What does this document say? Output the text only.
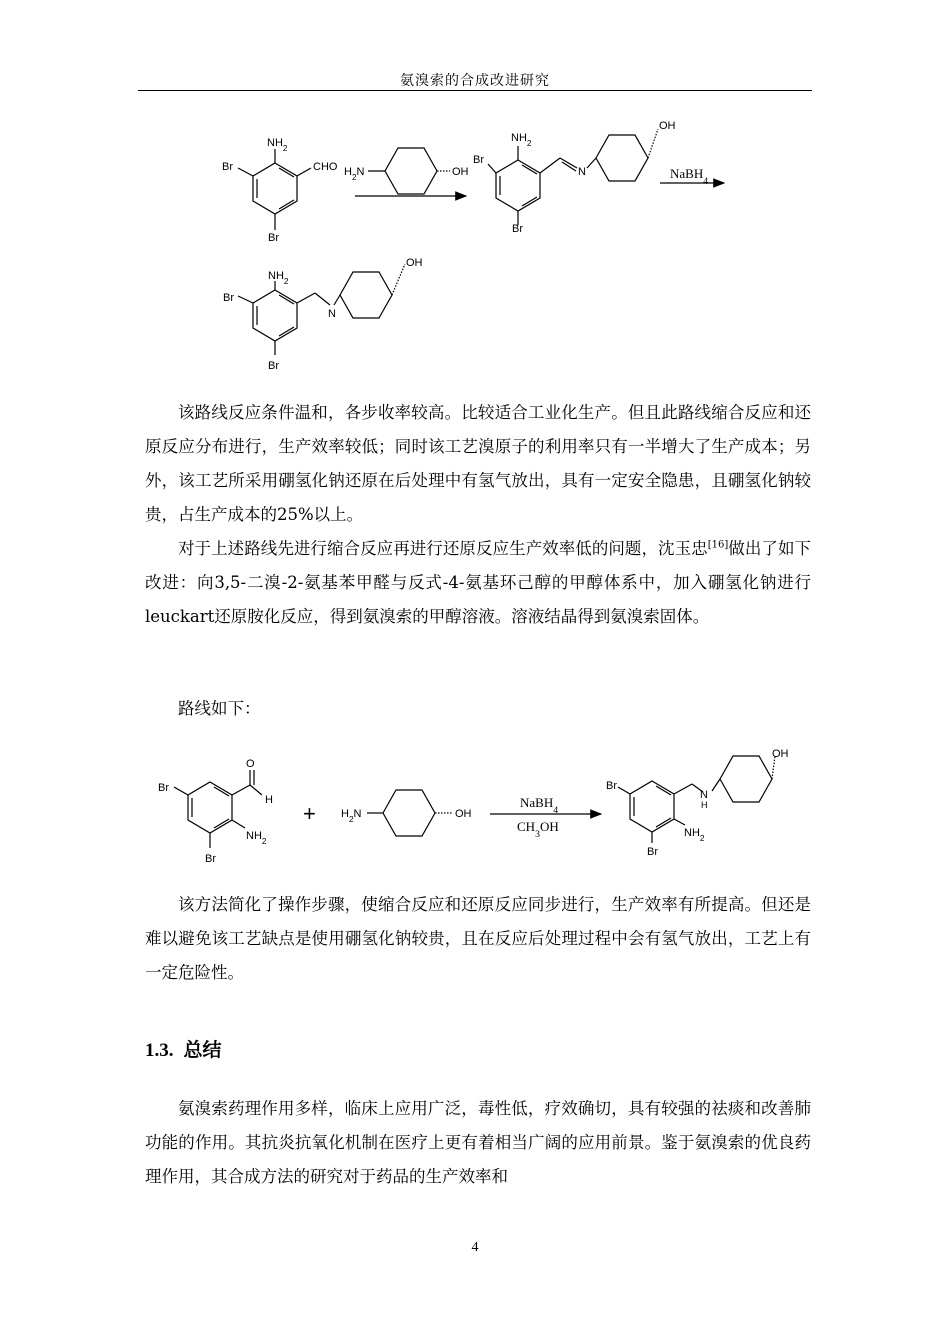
氨溴索的合成改进研究
$NH_2$
Br	CHO
Br
$H_2N$	OH
$NH_2$
Br
N
OH
Br
NaBH$_4$
$NH_2$
Br
N
OH
Br

该路线反应条件温和，各步收率较高。比较适合工业化生产。但且此路线缩合反应和还原反应分布进行，生产效率较低；同时该工艺溴原子的利用率只有一半增大了生产成本；另外，该工艺所采用硼氢化钠还原在后处理中有氢气放出，具有一定安全隐患，且硼氢化钠较贵，占生产成本的25%以上。

对于上述路线先进行缩合反应再进行还原反应生产效率低的问题，沈玉忠[16]做出了如下改进：向3,5-二溴-2-氨基苯甲醛与反式-4-氨基环己醇的甲醇体系中，加入硼氢化钠进行leuckart还原胺化反应，得到氨溴索的甲醇溶液。溶液结晶得到氨溴索固体。

路线如下：

Br
O
H
$NH_2$
Br
+ $H_2N$	OH
NaBH$_4$
$CH_3OH$
Br
N
H
OH
$NH_2$
Br

该方法简化了操作步骤，使缩合反应和还原反应同步进行，生产效率有所提高。但还是难以避免该工艺缺点是使用硼氢化钠较贵，且在反应后处理过程中会有氢气放出，工艺上有一定危险性。

1.3. 总结

氨溴索药理作用多样，临床上应用广泛，毒性低，疗效确切，具有较强的祛痰和改善肺功能的作用。其抗炎抗氧化机制在医疗上更有着相当广阔的应用前景。鉴于氨溴索的优良药理作用，其合成方法的研究对于药品的生产效率和

4
